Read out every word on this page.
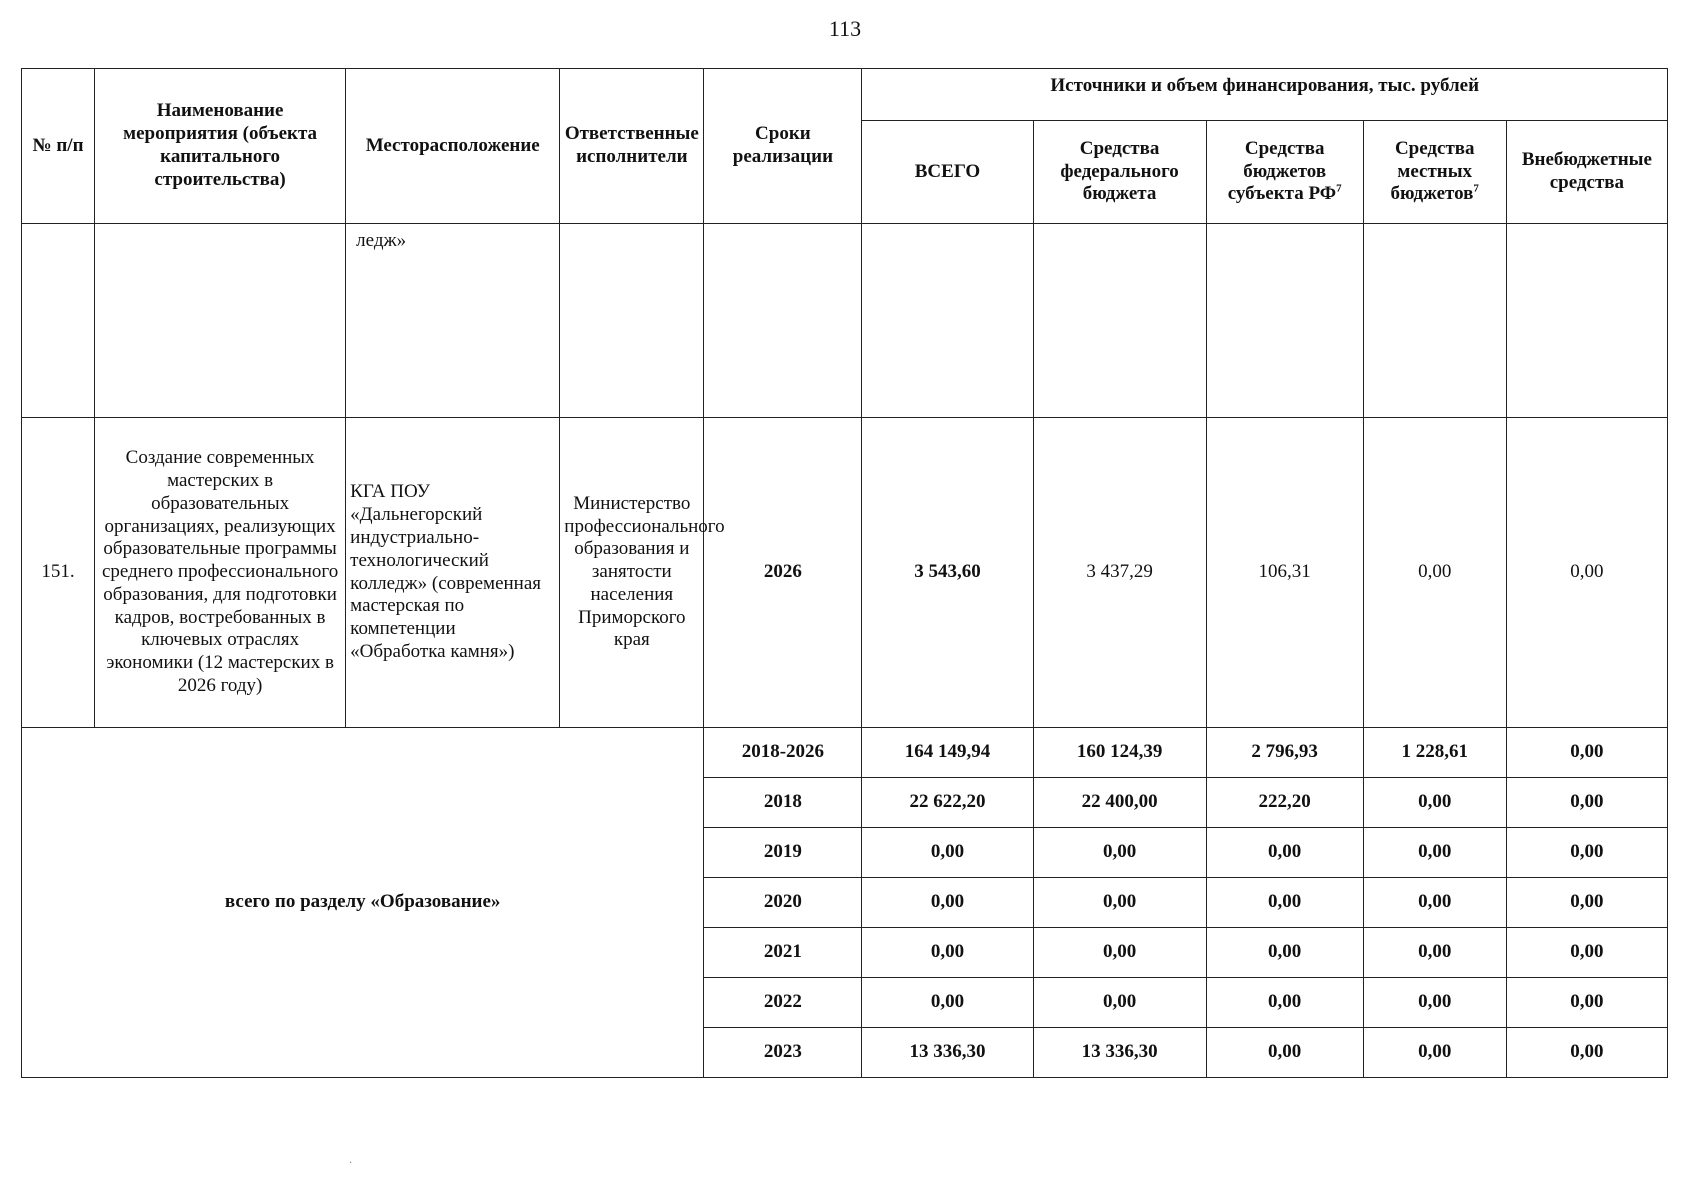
113
№ п/п	Наименование мероприятия (объекта капитального строительства)	Месторасположение	Ответственные исполнители	Сроки реализации	Источники и объем финансирования, тыс. рублей				
					ВСЕГО	Средства федерального бюджета	Средства бюджетов субъекта $РФ^7$	Средства местных бюджетов$^7$	Внебюджетные средства
		ледж»							
151.	Создание современных мастерских в образовательных организациях, реализующих образовательные программы среднего профессионального образования, для подготовки кадров, востребованных в ключевых отраслях экономики (12 мастерских в 2026 году)	КГА ПОУ «Дальнегорский индустриально-технологический колледж» (современная мастерская по компетенции «Обработка камня»)	Министерство профессионального образования и занятости населения Приморского края	2026	3 543,60	3 437,29	106,31	0,00	0,00
всего по разделу «Образование»				2018-2026	164 149,94	160 124,39	2 796,93	1 228,61	0,00
				2018	22 622,20	22 400,00	222,20	0,00	0,00
				2019	0,00	0,00	0,00	0,00	0,00
				2020	0,00	0,00	0,00	0,00	0,00
				2021	0,00	0,00	0,00	0,00	0,00
				2022	0,00	0,00	0,00	0,00	0,00
				2023	13 336,30	13 336,30	0,00	0,00	0,00
·
